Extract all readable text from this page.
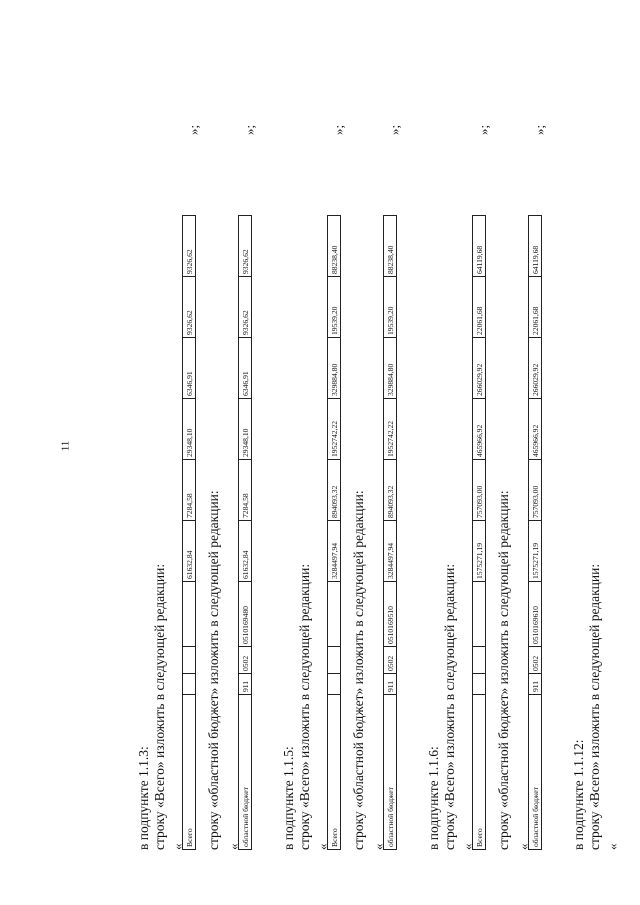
11
в подпункте 1.1.3: строку «Всего» изложить в следующей редакции: « Всего				61632,84	7284,58	29348,10	6346,91	9326,62	9326,62
»;
строку «областной бюджет» изложить в следующей редакции: « областной бюджет	911	0502	0510169480	61632,84	7284,58	29348,10	6346,91	9326,62	9326,62
»;
в подпункте 1.1.5: строку «Всего» изложить в следующей редакции: « Всего				3284497,94	894093,32	1952742,22	329884,80	19539,20	88238,40
»;
строку «областной бюджет» изложить в следующей редакции: « областной бюджет	911	0502	0510169510	3284497,94	894093,32	1952742,22	329884,80	19539,20	88238,40
»;
в подпункте 1.1.6: строку «Всего» изложить в следующей редакции: « Всего				1575271,19	757093,00	465966,92	266029,92	22061,68	64119,68
»;
строку «областной бюджет» изложить в следующей редакции: « областной бюджет	911	0502	0510169610	1575271,19	757093,00	465966,92	266029,92	22061,68	64119,68
»;
в подпункте 1.1.12: строку «Всего» изложить в следующей редакции: «
